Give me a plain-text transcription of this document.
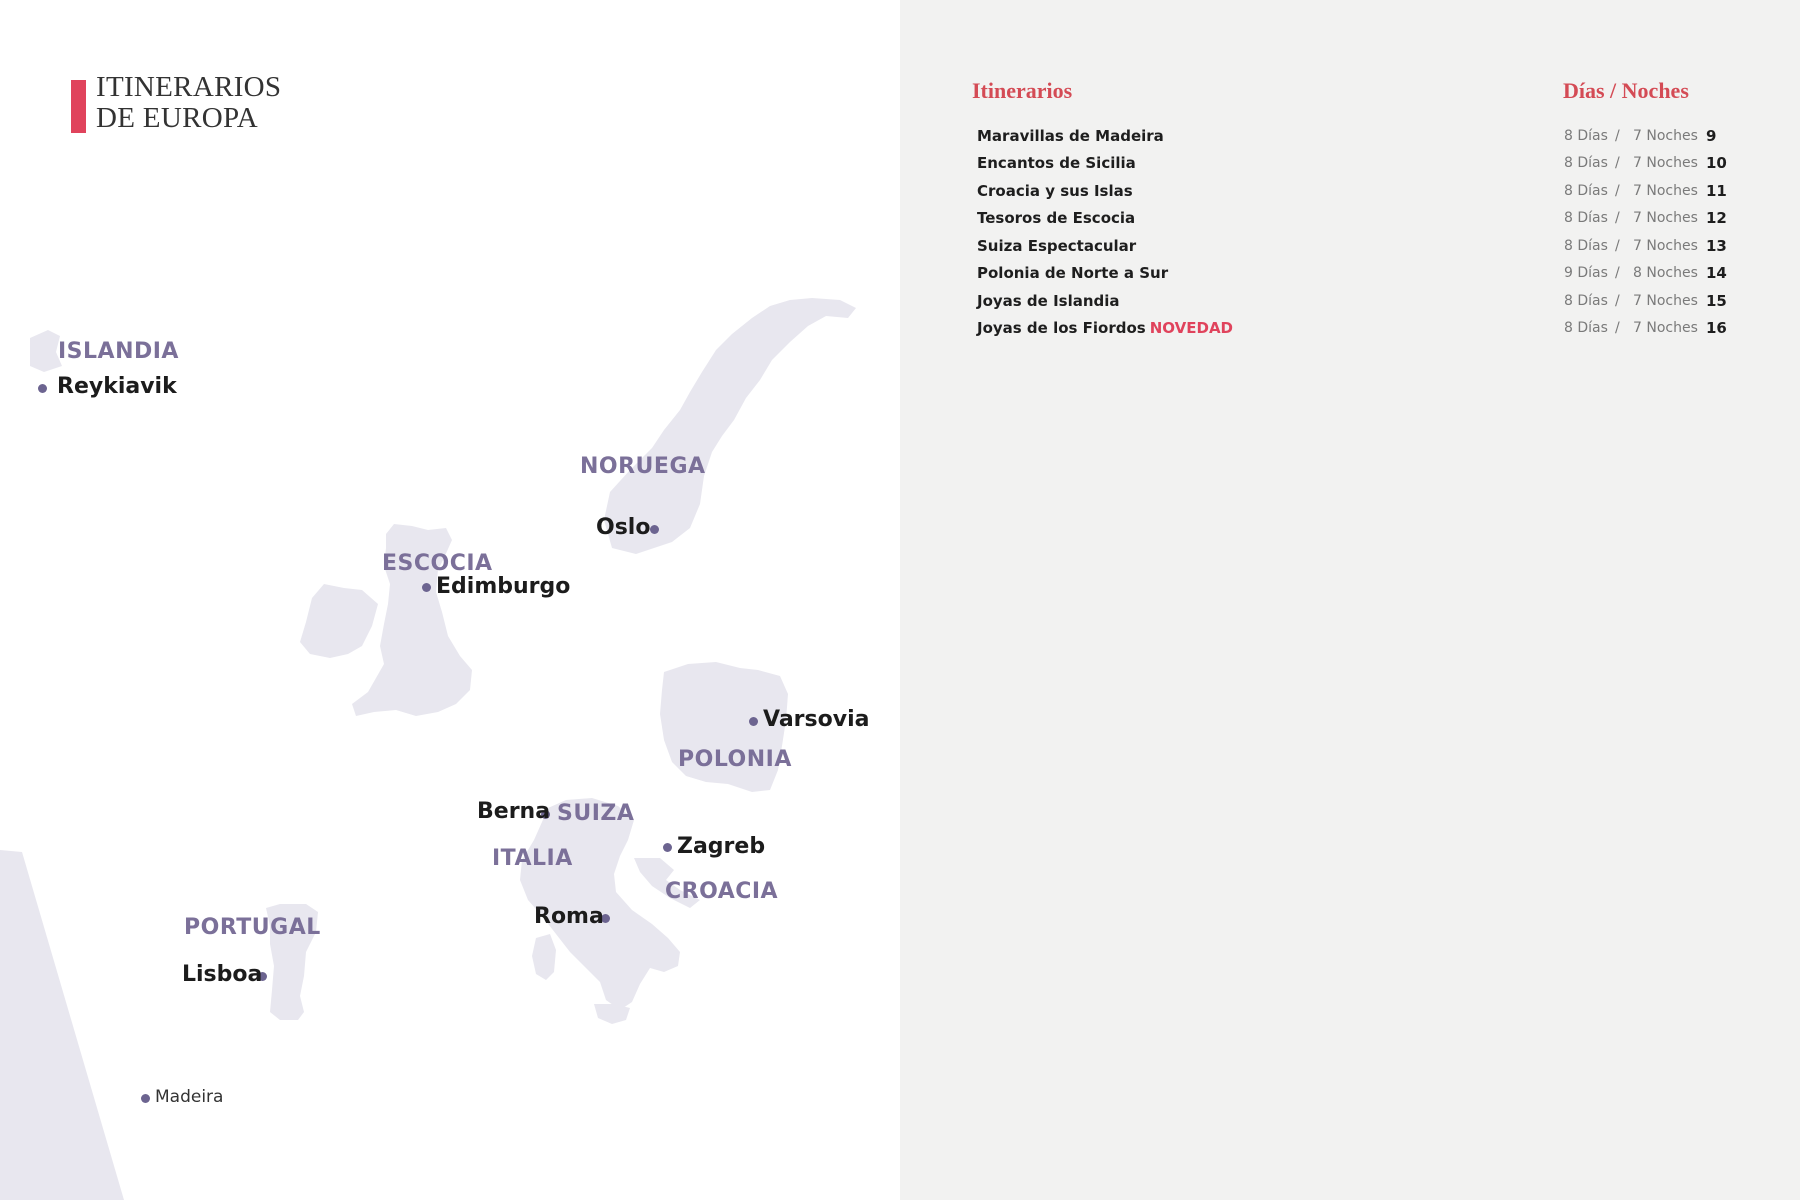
ITINERARIOS
DE EUROPA
ISLANDIA
NORUEGA
ESCOCIA
POLONIA
SUIZA
ITALIA
CROACIA
PORTUGAL
Reykiavik
Oslo
Edimburgo
Varsovia
Berna
Zagreb
Roma
Lisboa
Madeira
Itinerarios	Días / Noches
Maravillas de Madeira	8 Días / 7 Noches 9
Encantos de Sicilia	8 Días / 7 Noches 10
Croacia y sus Islas	8 Días / 7 Noches 11
Tesoros de Escocia	8 Días / 7 Noches 12
Suiza Espectacular	8 Días / 7 Noches 13
Polonia de Norte a Sur	9 Días / 8 Noches 14
Joyas de Islandia	8 Días / 7 Noches 15
Joyas de los Fiordos NOVEDAD	8 Días / 7 Noches 16
